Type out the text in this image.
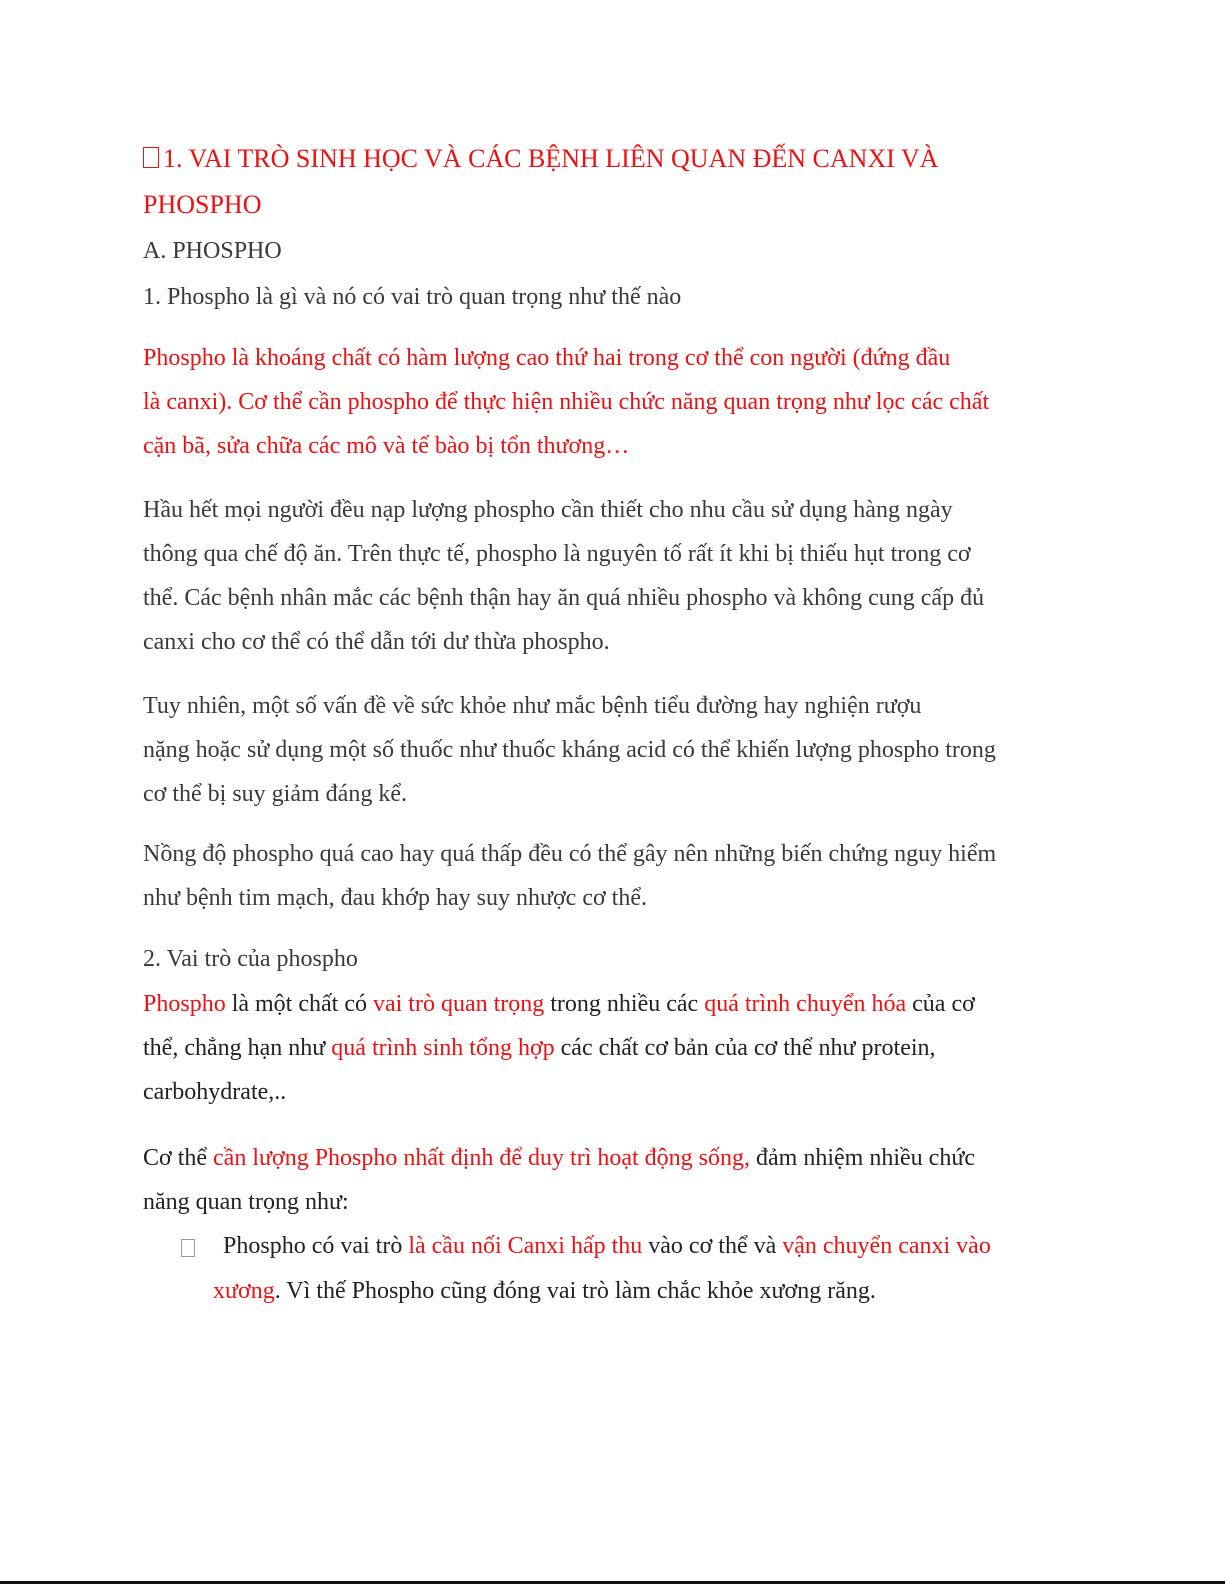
1. VAI TRÒ SINH HỌC VÀ CÁC BỆNH LIÊN QUAN ĐẾN CANXI VÀ
PHOSPHO

A. PHOSPHO

1. Phospho là gì và nó có vai trò quan trọng như thế nào

Phospho là khoáng chất có hàm lượng cao thứ hai trong cơ thể con người (đứng đầu
là canxi). Cơ thể cần phospho để thực hiện nhiều chức năng quan trọng như lọc các chất
cặn bã, sửa chữa các mô và tế bào bị tổn thương…
Hầu hết mọi người đều nạp lượng phospho cần thiết cho nhu cầu sử dụng hàng ngày
thông qua chế độ ăn. Trên thực tế, phospho là nguyên tố rất ít khi bị thiếu hụt trong cơ
thể. Các bệnh nhân mắc các bệnh thận hay ăn quá nhiều phospho và không cung cấp đủ
canxi cho cơ thể có thể dẫn tới dư thừa phospho.
Tuy nhiên, một số vấn đề về sức khỏe như mắc bệnh tiểu đường hay nghiện rượu
nặng hoặc sử dụng một số thuốc như thuốc kháng acid có thể khiến lượng phospho trong
cơ thể bị suy giảm đáng kể.
Nồng độ phospho quá cao hay quá thấp đều có thể gây nên những biến chứng nguy hiểm
như bệnh tim mạch, đau khớp hay suy nhược cơ thể.

2. Vai trò của phospho

Phospho là một chất có vai trò quan trọng trong nhiều các quá trình chuyển hóa của cơ
thể, chẳng hạn như quá trình sinh tổng hợp các chất cơ bản của cơ thể như protein,
carbohydrate,..
Cơ thể cần lượng Phospho nhất định để duy trì hoạt động sống, đảm nhiệm nhiều chức
năng quan trọng như:
Phospho có vai trò là cầu nối Canxi hấp thu vào cơ thể và vận chuyển canxi vào
xương. Vì thế Phospho cũng đóng vai trò làm chắc khỏe xương răng.
